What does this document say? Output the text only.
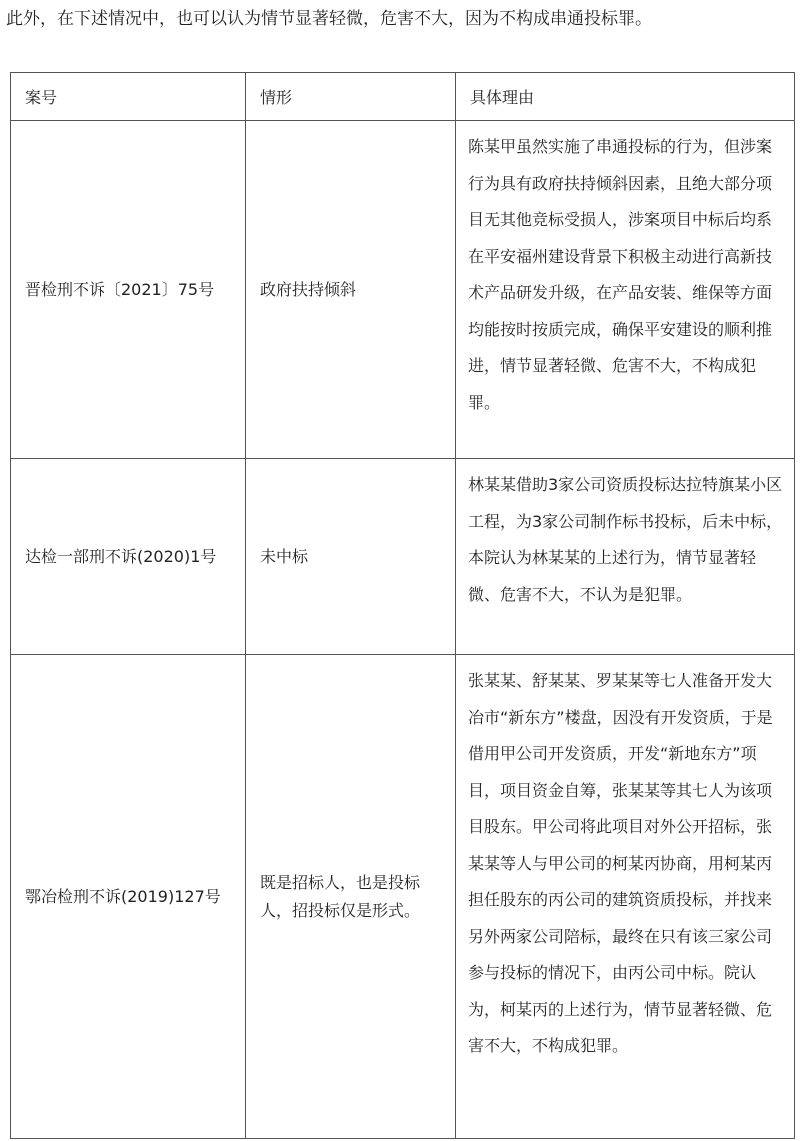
此外，在下述情况中，也可以认为情节显著轻微，危害不大，因为不构成串通投标罪。

案号	情形	具体理由
晋检刑不诉〔2021〕75号	政府扶持倾斜	陈某甲虽然实施了串通投标的行为，但涉案行为具有政府扶持倾斜因素，且绝大部分项目无其他竞标受损人，涉案项目中标后均系在平安福州建设背景下积极主动进行高新技术产品研发升级，在产品安装、维保等方面均能按时按质完成，确保平安建设的顺利推进，情节显著轻微、危害不大，不构成犯罪。
达检一部刑不诉(2020)1号	未中标	林某某借助3家公司资质投标达拉特旗某小区工程，为3家公司制作标书投标，后未中标，本院认为林某某的上述行为，情节显著轻微、危害不大，不认为是犯罪。
鄂冶检刑不诉(2019)127号	既是招标人，也是投标人，招投标仅是形式。	张某某、舒某某、罗某某等七人准备开发大冶市“新东方”楼盘，因没有开发资质，于是借用甲公司开发资质，开发“新地东方”项目，项目资金自筹，张某某等其七人为该项目股东。甲公司将此项目对外公开招标，张某某等人与甲公司的柯某丙协商，用柯某丙担任股东的丙公司的建筑资质投标，并找来另外两家公司陪标，最终在只有该三家公司参与投标的情况下，由丙公司中标。院认为，柯某丙的上述行为，情节显著轻微、危害不大，不构成犯罪。
